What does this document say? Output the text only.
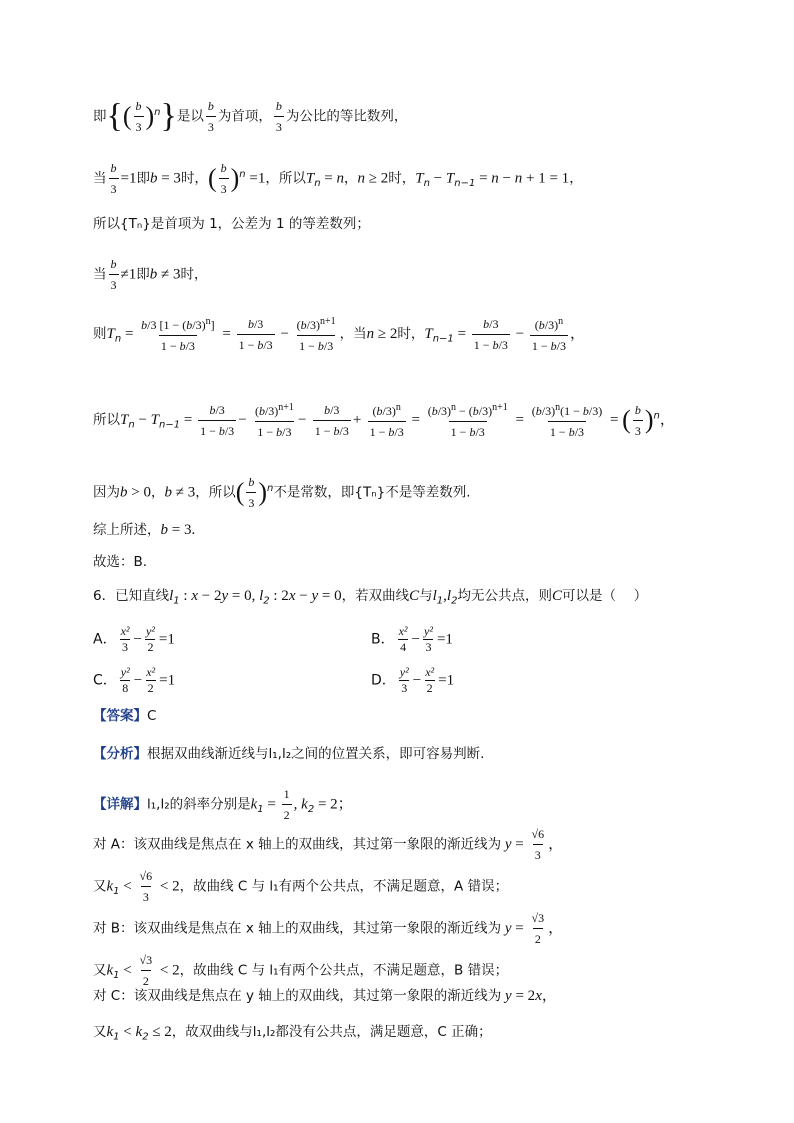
即{( $\frac{b}{3} )^n$}是以 $\frac{b}{3}$ 为首项， $\frac{b}{3}$ 为公比的等比数列，
当 $\frac{b}{3} =1$即b = 3时，( $\frac{b}{3} )^n =1$，所以$T_n = n$，n ≥ 2时，$T_n - T_{n-1} = n - n + 1 = 1$，
所以{Tₙ}是首项为 1，公差为 1 的等差数列；
当 $\frac{b}{3} \ne 1$即b ≠ 3时，
则$T_n = \frac{b/3 [1 - (b/3)^n]}{1 - b/3} = \frac{b/3}{1 - b/3} - \frac{(b/3)^{n+1}}{1 - b/3}$ ，当n ≥ 2时，$T_{n-1} = \frac{b/3}{1 - b/3} - \frac{(b/3)^n}{1 - b/3}$ ，
所以$T_n - T_{n-1} = \frac{b/3}{1 - b/3} - \frac{(b/3)^{n+1}}{1 - b/3} - \frac{b/3}{1 - b/3} + \frac{(b/3)^n}{1 - b/3} = \frac{(b/3)^n - (b/3)^{n+1}}{1 - b/3} = \frac{(b/3)^n(1 - b/3)}{1 - b/3}$ = ( $\frac{b}{3} )^n$，
因为b > 0，b ≠ 3，所以( $\frac{b}{3} )^n$不是常数，即{Tₙ}不是等差数列.
综上所述，b = 3.
故选：B.
6．已知直线$l_1$ : x − 2y = 0, $l_2$ : 2x − y = 0，若双曲线C与$l_1,l_2$均无公共点，则C可以是（　 ）
A． $\frac{\text{x²}}{3} - \frac{\text{y²}}{2} =1$	B． $\frac{\text{x²}}{4} - \frac{\text{y²}}{3} =1$
C． $\frac{\text{y²}}{8} - \frac{\text{x²}}{2} =1$	D． $\frac{\text{y²}}{3} - \frac{\text{x²}}{2} =1$
【答案】C
【分析】根据双曲线渐近线与l₁,l₂之间的位置关系，即可容易判断.
【详解】l₁,l₂的斜率分别是$k_1 = \frac{1}{2}$ , $k_2 = 2$；
对 A：该双曲线是焦点在 x 轴上的双曲线，其过第一象限的渐近线为 $y = \frac{√6}{3}$ ，
又$k_1 < \frac{√6}{3} < 2$，故曲线 C 与 l₁有两个公共点，不满足题意，A 错误；
对 B：该双曲线是焦点在 x 轴上的双曲线，其过第一象限的渐近线为 $y = \frac{√3}{2}$ ，
又$k_1 < \frac{√3}{2} < 2$，故曲线 C 与 l₁有两个公共点，不满足题意，B 错误；
对 C：该双曲线是焦点在 y 轴上的双曲线，其过第一象限的渐近线为 y = 2x，
又$k_1 < k_2 \le 2$，故双曲线与l₁,l₂都没有公共点，满足题意，C 正确；
